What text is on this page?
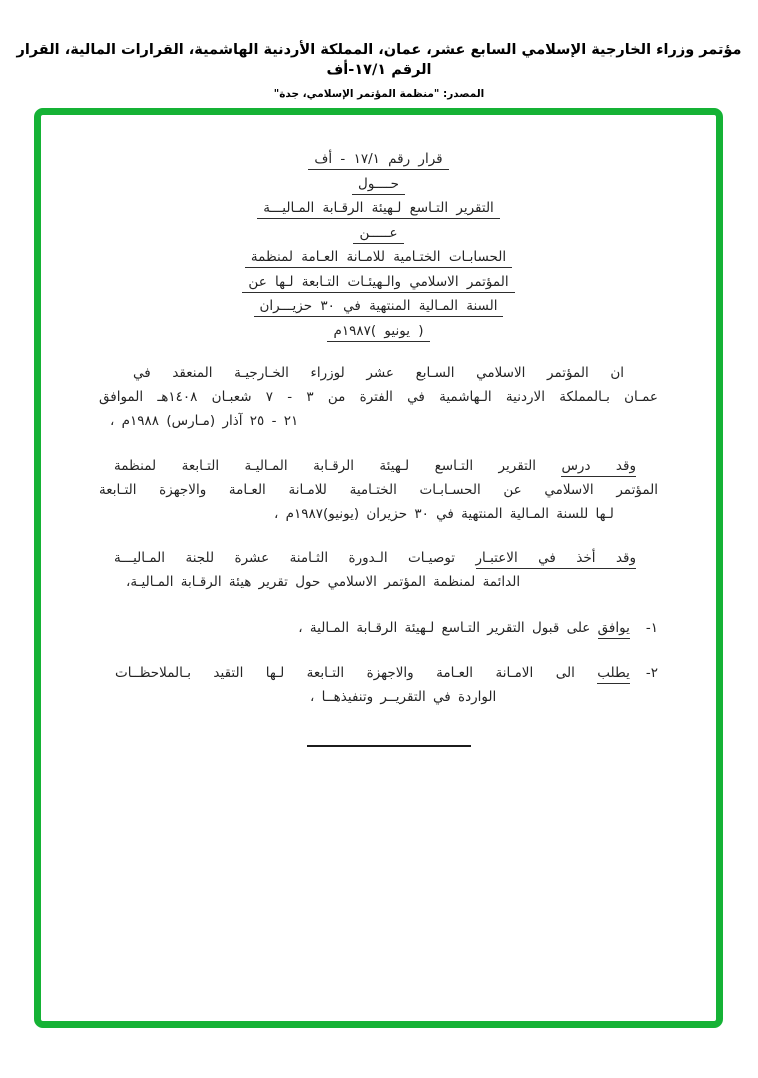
مؤتمر وزراء الخارجية الإسلامي السابع عشر، عمان، المملكة الأردنية الهاشمية، القرارات المالية، القرار الرقم ١٧/١-أف
المصدر: "منظمة المؤتمر الإسلامي، جدة"
قرار رقم ١٧/١ - أف
حــــول
التقرير التـاسع لـهيئة الرقـابة المـاليـــة
عـــــن
الحسابـات الختـامية للامـانة العـامة لمنظمة
المؤتمر الاسلامي والـهيئـات التـابعة لـها عن
السنة المـالية المنتهية في ٣٠ حزيـــران
( يونيو )١٩٨٧م
ان المؤتمر الاسلامي السـابع عشر لوزراء الخـارجيـة المنعقد في
عمـان بـالمملكة الاردنية الـهاشمية في الفترة من ٣ - ٧ شعبـان ١٤٠٨هـ الموافق
٢١ - ٢٥ آذار (مـارس) ١٩٨٨م ،
وقد درس التقرير التـاسع لـهيئة الرقـابة المـاليـة التـابعة لمنظمة
المؤتمر الاسلامي عن الحسـابـات الختـامية للامـانة العـامة والاجهزة التـابعة
لـها للسنة المـالية المنتهية في ٣٠ حزيران (يونيو)١٩٨٧م ،
وقد أخذ في الاعتبـار توصيـات الـدورة الثـامنة عشرة للجنة المـاليـــة
الدائمة لمنظمة المؤتمر الاسلامي حول تقرير هيئة الرقـابة المـاليـة،
١-يوافق على قبول التقرير التـاسع لـهيئة الرقـابة المـالية ،
٢-يطلب الى الامـانة العـامة والاجهزة التـابعة لـها التقيد بـالملاحظــات
الواردة في التقريــر وتنفيذهــا ،
